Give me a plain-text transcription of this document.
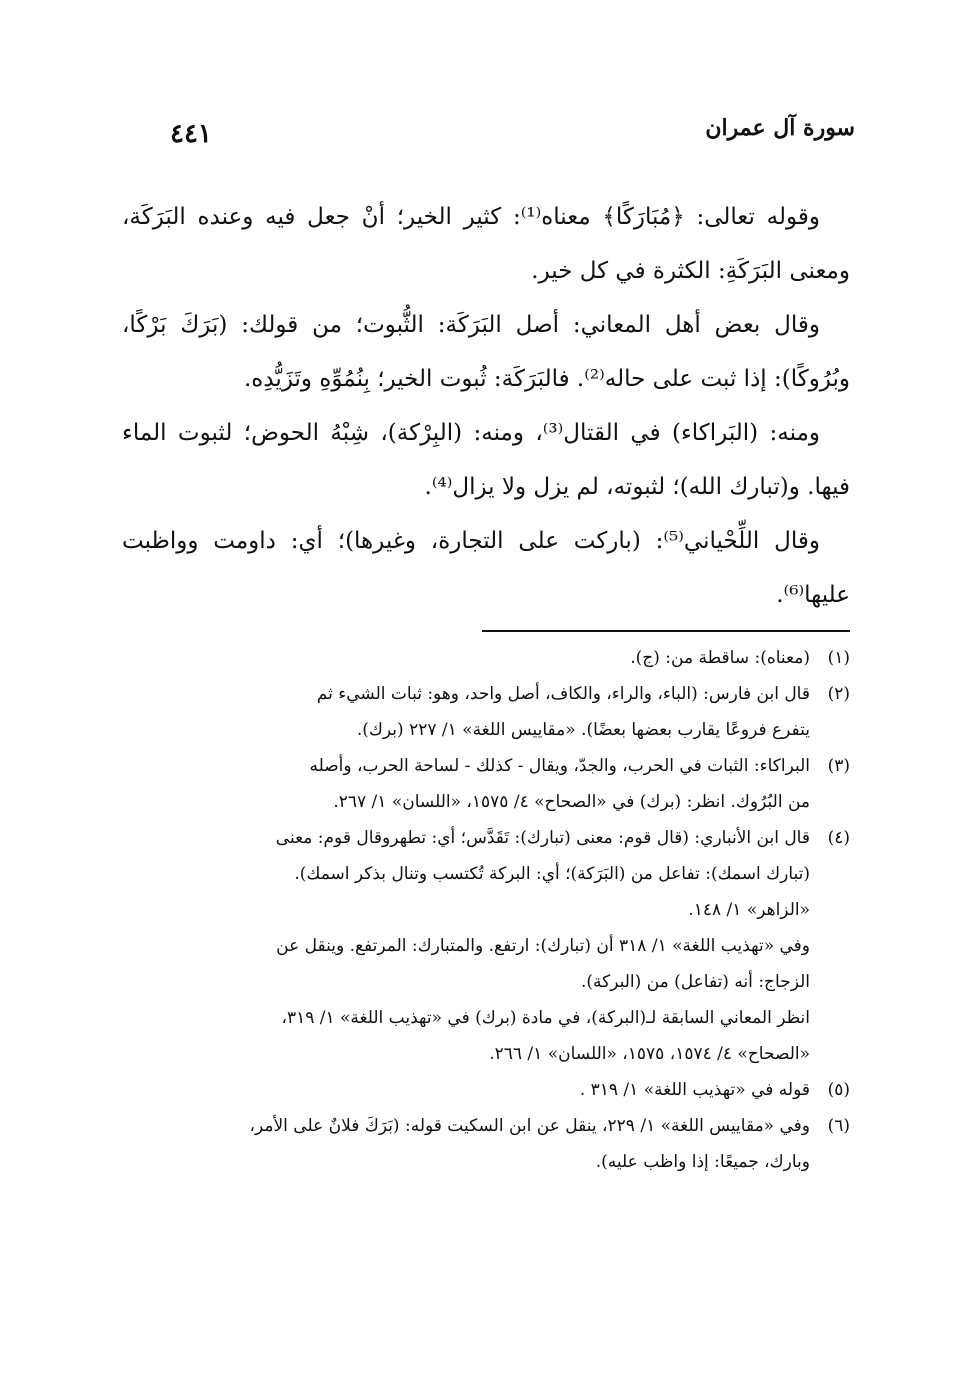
سورة آل عمران
٤٤١

وقوله تعالى: ﴿مُبَارَكًا﴾ معناه⁽¹⁾: كثير الخير؛ أنْ جعل فيه وعنده البَرَكَة، ومعنى البَرَكَةِ: الكثرة في كل خير.

وقال بعض أهل المعاني: أصل البَرَكَة: الثُّبوت؛ من قولك: (بَرَكَ بَرْكًا، وبُرُوكًا): إذا ثبت على حاله⁽²⁾. فالبَرَكَة: ثُبوت الخير؛ بِنُمُوِّهِ وتَزَيُّدِه.

ومنه: (البَراكاء) في القتال⁽³⁾، ومنه: (البِرْكة)، شِبْهُ الحوض؛ لثبوت الماء فيها. و(تبارك الله)؛ لثبوته، لم يزل ولا يزال⁽⁴⁾.

وقال اللِّحْياني⁽⁵⁾: (باركت على التجارة، وغيرها)؛ أي: داومت وواظبت عليها⁽⁶⁾.

(١)
(معناه): ساقطة من: (ج).
(٢)
قال ابن فارس: (الباء، والراء، والكاف، أصل واحد، وهو: ثبات الشيء ثم
يتفرع فروعًا يقارب بعضها بعضًا). «مقاييس اللغة» ١/ ٢٢٧ (برك).
(٣)
البراكاء: الثبات في الحرب، والجدّ، ويقال - كذلك - لساحة الحرب، وأصله
من البُرُوك. انظر: (برك) في «الصحاح» ٤/ ١٥٧٥، «اللسان» ١/ ٢٦٧.
(٤)
قال ابن الأنباري: (قال قوم: معنى (تبارك): تَقَدَّس؛ أي: تطهروقال قوم: معنى
(تبارك اسمك): تفاعل من (البَرَكة)؛ أي: البركة تُكتسب وتنال بذكر اسمك).
«الزاهر» ١/ ١٤٨.
وفي «تهذيب اللغة» ١/ ٣١٨ أن (تبارك): ارتفع. والمتبارك: المرتفع. وينقل عن
الزجاج: أنه (تفاعل) من (البركة).
انظر المعاني السابقة لـ(البركة)، في مادة (برك) في «تهذيب اللغة» ١/ ٣١٩،
«الصحاح» ٤/ ١٥٧٤، ١٥٧٥، «اللسان» ١/ ٢٦٦.
(٥)
قوله في «تهذيب اللغة» ١/ ٣١٩ .
(٦)
وفي «مقاييس اللغة» ١/ ٢٢٩، ينقل عن ابن السكيت قوله: (بَرَكَ فلانٌ على الأمر،
وبارك، جميعًا: إذا واظب عليه).
